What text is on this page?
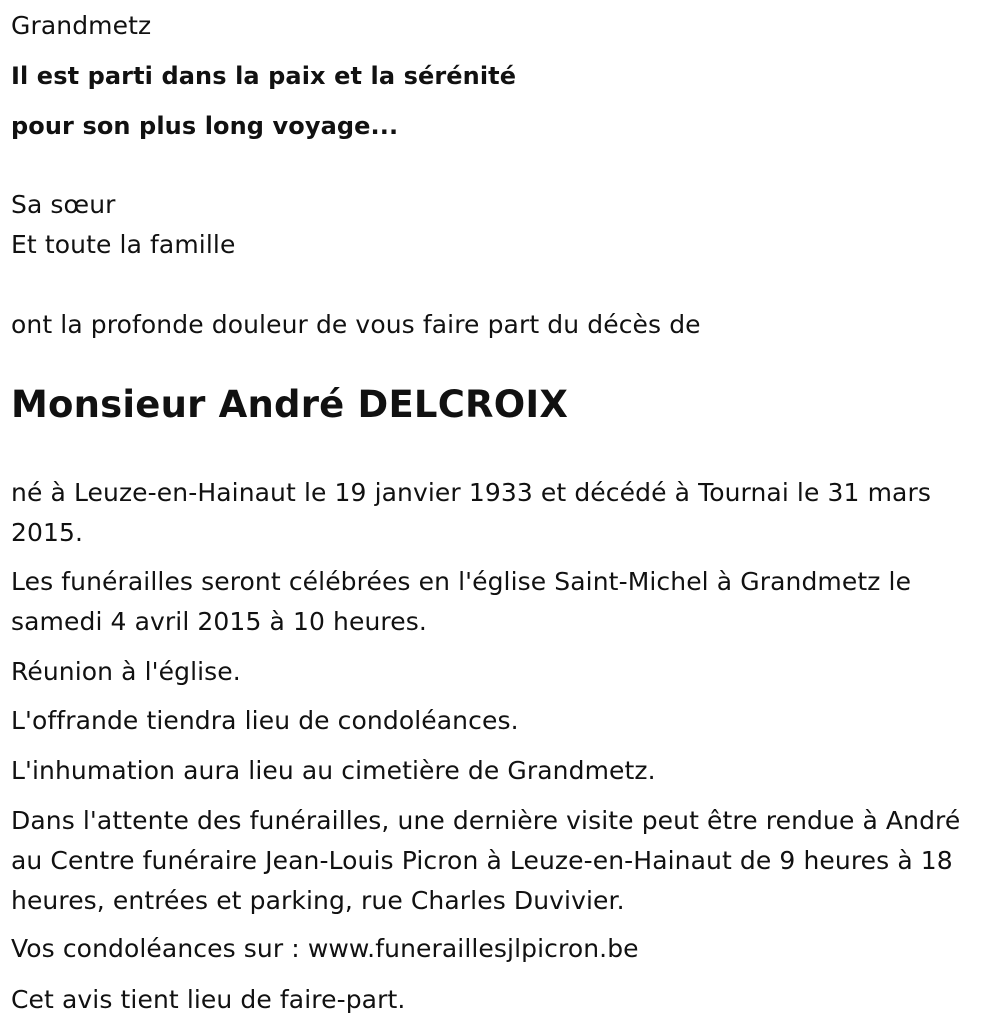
Grandmetz
Il est parti dans la paix et la sérénité
pour son plus long voyage...
Sa sœur
Et toute la famille
ont la profonde douleur de vous faire part du décès de
Monsieur André DELCROIX
né à Leuze-en-Hainaut le 19 janvier 1933 et décédé à Tournai le 31 mars 2015.
Les funérailles seront célébrées en l'église Saint-Michel à Grandmetz le samedi 4 avril 2015 à 10 heures.
Réunion à l'église.
L'offrande tiendra lieu de condoléances.
L'inhumation aura lieu au cimetière de Grandmetz.
Dans l'attente des funérailles, une dernière visite peut être rendue à André au Centre funéraire Jean-Louis Picron à Leuze-en-Hainaut de 9 heures à 18 heures, entrées et parking, rue Charles Duvivier.
Vos condoléances sur : www.funeraillesjlpicron.be
Cet avis tient lieu de faire-part.
